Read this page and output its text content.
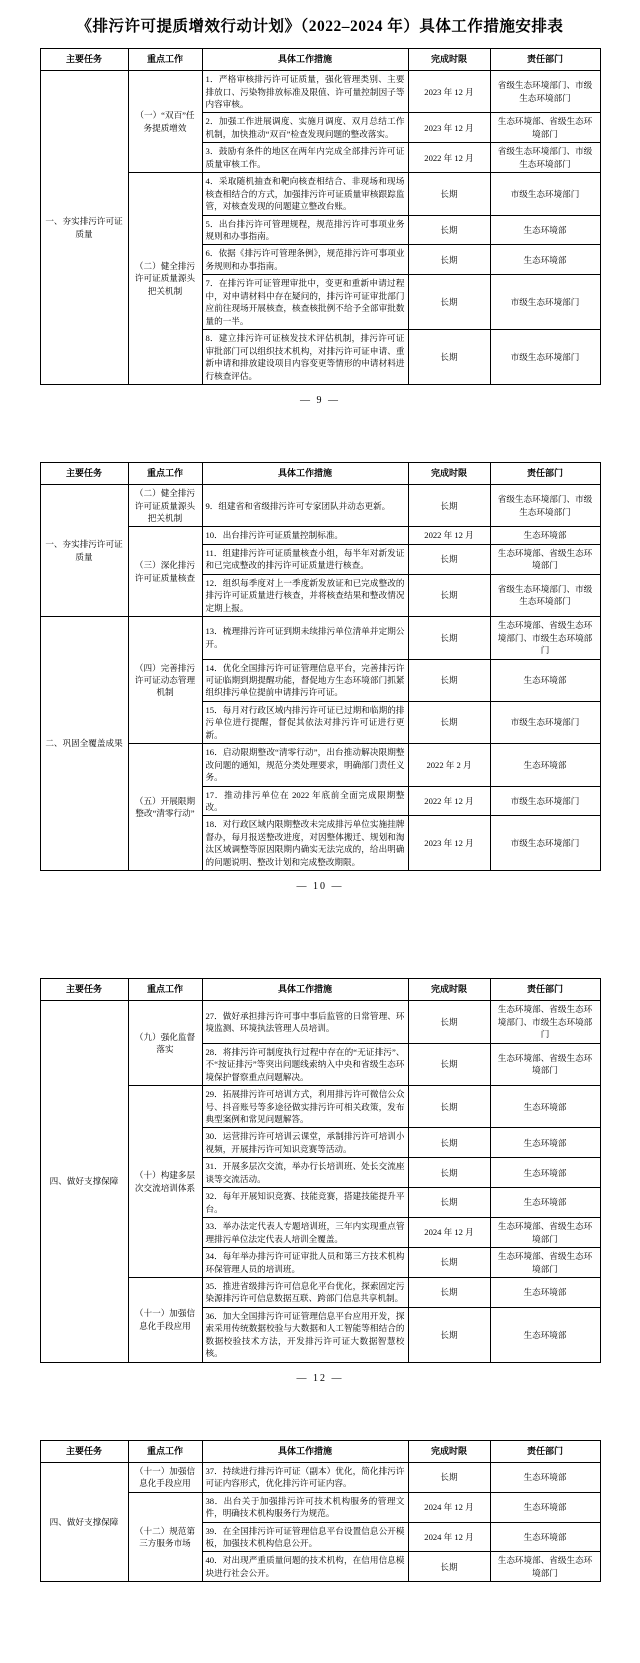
《排污许可提质增效行动计划》（2022–2024 年）具体工作措施安排表
主要任务	重点工作	具体工作措施	完成时限	责任部门
一、夯实排污许可证质量	（一）“双百”任务提质增效	1．严格审核排污许可证质量，强化管理类别、主要排放口、污染物排放标准及限值、许可量控制因子等内容审核。	2023 年 12 月	省级生态环境部门、市级生态环境部门
		2．加强工作进展调度、实施月调度、双月总结工作机制，加快推动“双百”检查发现问题的整改落实。	2023 年 12 月	生态环境部、省级生态环境部门
		3．鼓励有条件的地区在两年内完成全部排污许可证质量审核工作。	2022 年 12 月	省级生态环境部门、市级生态环境部门
	（二）健全排污许可证质量源头把关机制	4．采取随机抽查和靶向核查相结合、非现场和现场核查相结合的方式，加强排污许可证质量审核跟踪监管，对核查发现的问题建立整改台账。	长期	市级生态环境部门
		5．出台排污许可管理规程，规范排污许可事项业务规则和办事指南。	长期	生态环境部
		6．依据《排污许可管理条例》，规范排污许可事项业务规则和办事指南。	长期	生态环境部
		7．在排污许可证管理审批中，变更和重新申请过程中，对申请材料中存在疑问的，排污许可证审批部门应前往现场开展核查，核查核批例不给予全部审批数量的一半。	长期	市级生态环境部门
		8．建立排污许可证核发技术评估机制，排污许可证审批部门可以组织技术机构，对排污许可证申请、重新申请和排放建设项目内容变更等情形的申请材料进行核查评估。	长期	市级生态环境部门
— 9 —
主要任务	重点工作	具体工作措施	完成时限	责任部门
一、夯实排污许可证质量	（二）健全排污许可证质量源头把关机制	9．组建省和省级排污许可专家团队并动态更新。	长期	省级生态环境部门、市级生态环境部门
	（三）深化排污许可证质量核查	10．出台排污许可证质量控制标准。	2022 年 12 月	生态环境部
		11．组建排污许可证质量核查小组，每半年对新发证和已完成整改的排污许可证质量进行核查。	长期	生态环境部、省级生态环境部门
		12．组织每季度对上一季度新发放证和已完成整改的排污许可证质量进行核查，并将核查结果和整改情况定期上报。	长期	省级生态环境部门、市级生态环境部门
二、巩固全覆盖成果	（四）完善排污许可证动态管理机制	13．梳理排污许可证到期未续排污单位清单并定期公开。	长期	生态环境部、省级生态环境部门、市级生态环境部门
		14．优化全国排污许可证管理信息平台，完善排污许可证临期到期提醒功能，督促地方生态环境部门抓紧组织排污单位提前申请排污许可证。	长期	生态环境部
		15．每月对行政区域内排污许可证已过期和临期的排污单位进行提醒，督促其依法对排污许可证进行更新。	长期	市级生态环境部门
	（五）开展限期整改“清零行动”	16．启动限期整改“清零行动”，出台推动解决限期整改问题的通知，规范分类处理要求，明确部门责任义务。	2022 年 2 月	生态环境部
		17．推动排污单位在 2022 年底前全面完成限期整改。	2022 年 12 月	市级生态环境部门
		18．对行政区域内限期整改未完成排污单位实施挂牌督办，每月报送整改进度，对因整体搬迁、规划和淘汰区域调整等原因限期内确实无法完成的，给出明确的问题说明、整改计划和完成整改期限。	2023 年 12 月	市级生态环境部门
— 10 —
主要任务	重点工作	具体工作措施	完成时限	责任部门
四、做好支撑保障	（九）强化监督落实	27．做好承担排污许可事中事后监管的日常管理、环境监测、环境执法管理人员培训。	长期	生态环境部、省级生态环境部门、市级生态环境部门
		28．将排污许可制度执行过程中存在的“无证排污”、不“按证排污”等突出问题线索纳入中央和省级生态环境保护督察重点问题解决。	长期	生态环境部、省级生态环境部门
	（十）构建多层次交流培训体系	29．拓展排污许可培训方式，利用排污许可微信公众号、抖音账号等多途径做实排污许可相关政策，发布典型案例和常见问题解答。	长期	生态环境部
		30．运营排污许可培训云课堂，承制排污许可培训小视频，开展排污许可知识竞赛等活动。	长期	生态环境部
		31．开展多层次交流，举办行长培训班、处长交流座谈等交流活动。	长期	生态环境部
		32．每年开展知识竞赛、技能竞赛，搭建技能提升平台。	长期	生态环境部
		33．举办法定代表人专题培训班，三年内实现重点管理排污单位法定代表人培训全覆盖。	2024 年 12 月	生态环境部、省级生态环境部门
		34．每年举办排污许可证审批人员和第三方技术机构环保管理人员的培训班。	长期	生态环境部、省级生态环境部门
	（十一）加强信息化手段应用	35．推进省级排污许可信息化平台优化，探索固定污染源排污许可信息数据互联、跨部门信息共享机制。	长期	生态环境部
		36．加大全国排污许可证管理信息平台应用开发，探索采用传统数据校验与大数据和人工智能等相结合的数据校验技术方法，开发排污许可证大数据智慧校核。	长期	生态环境部
— 12 —
主要任务	重点工作	具体工作措施	完成时限	责任部门
四、做好支撑保障	（十一）加强信息化手段应用	37．持续进行排污许可证（副本）优化，简化排污许可证内容形式，优化排污许可证内容。	长期	生态环境部
	（十二）规范第三方服务市场	38．出台关于加强排污许可技术机构服务的管理文件，明确技术机构服务行为规范。	2024 年 12 月	生态环境部
		39．在全国排污许可证管理信息平台设置信息公开模板，加强技术机构信息公开。	2024 年 12 月	生态环境部
		40．对出现严重质量问题的技术机构，在信用信息模块进行社会公开。	长期	生态环境部、省级生态环境部门
